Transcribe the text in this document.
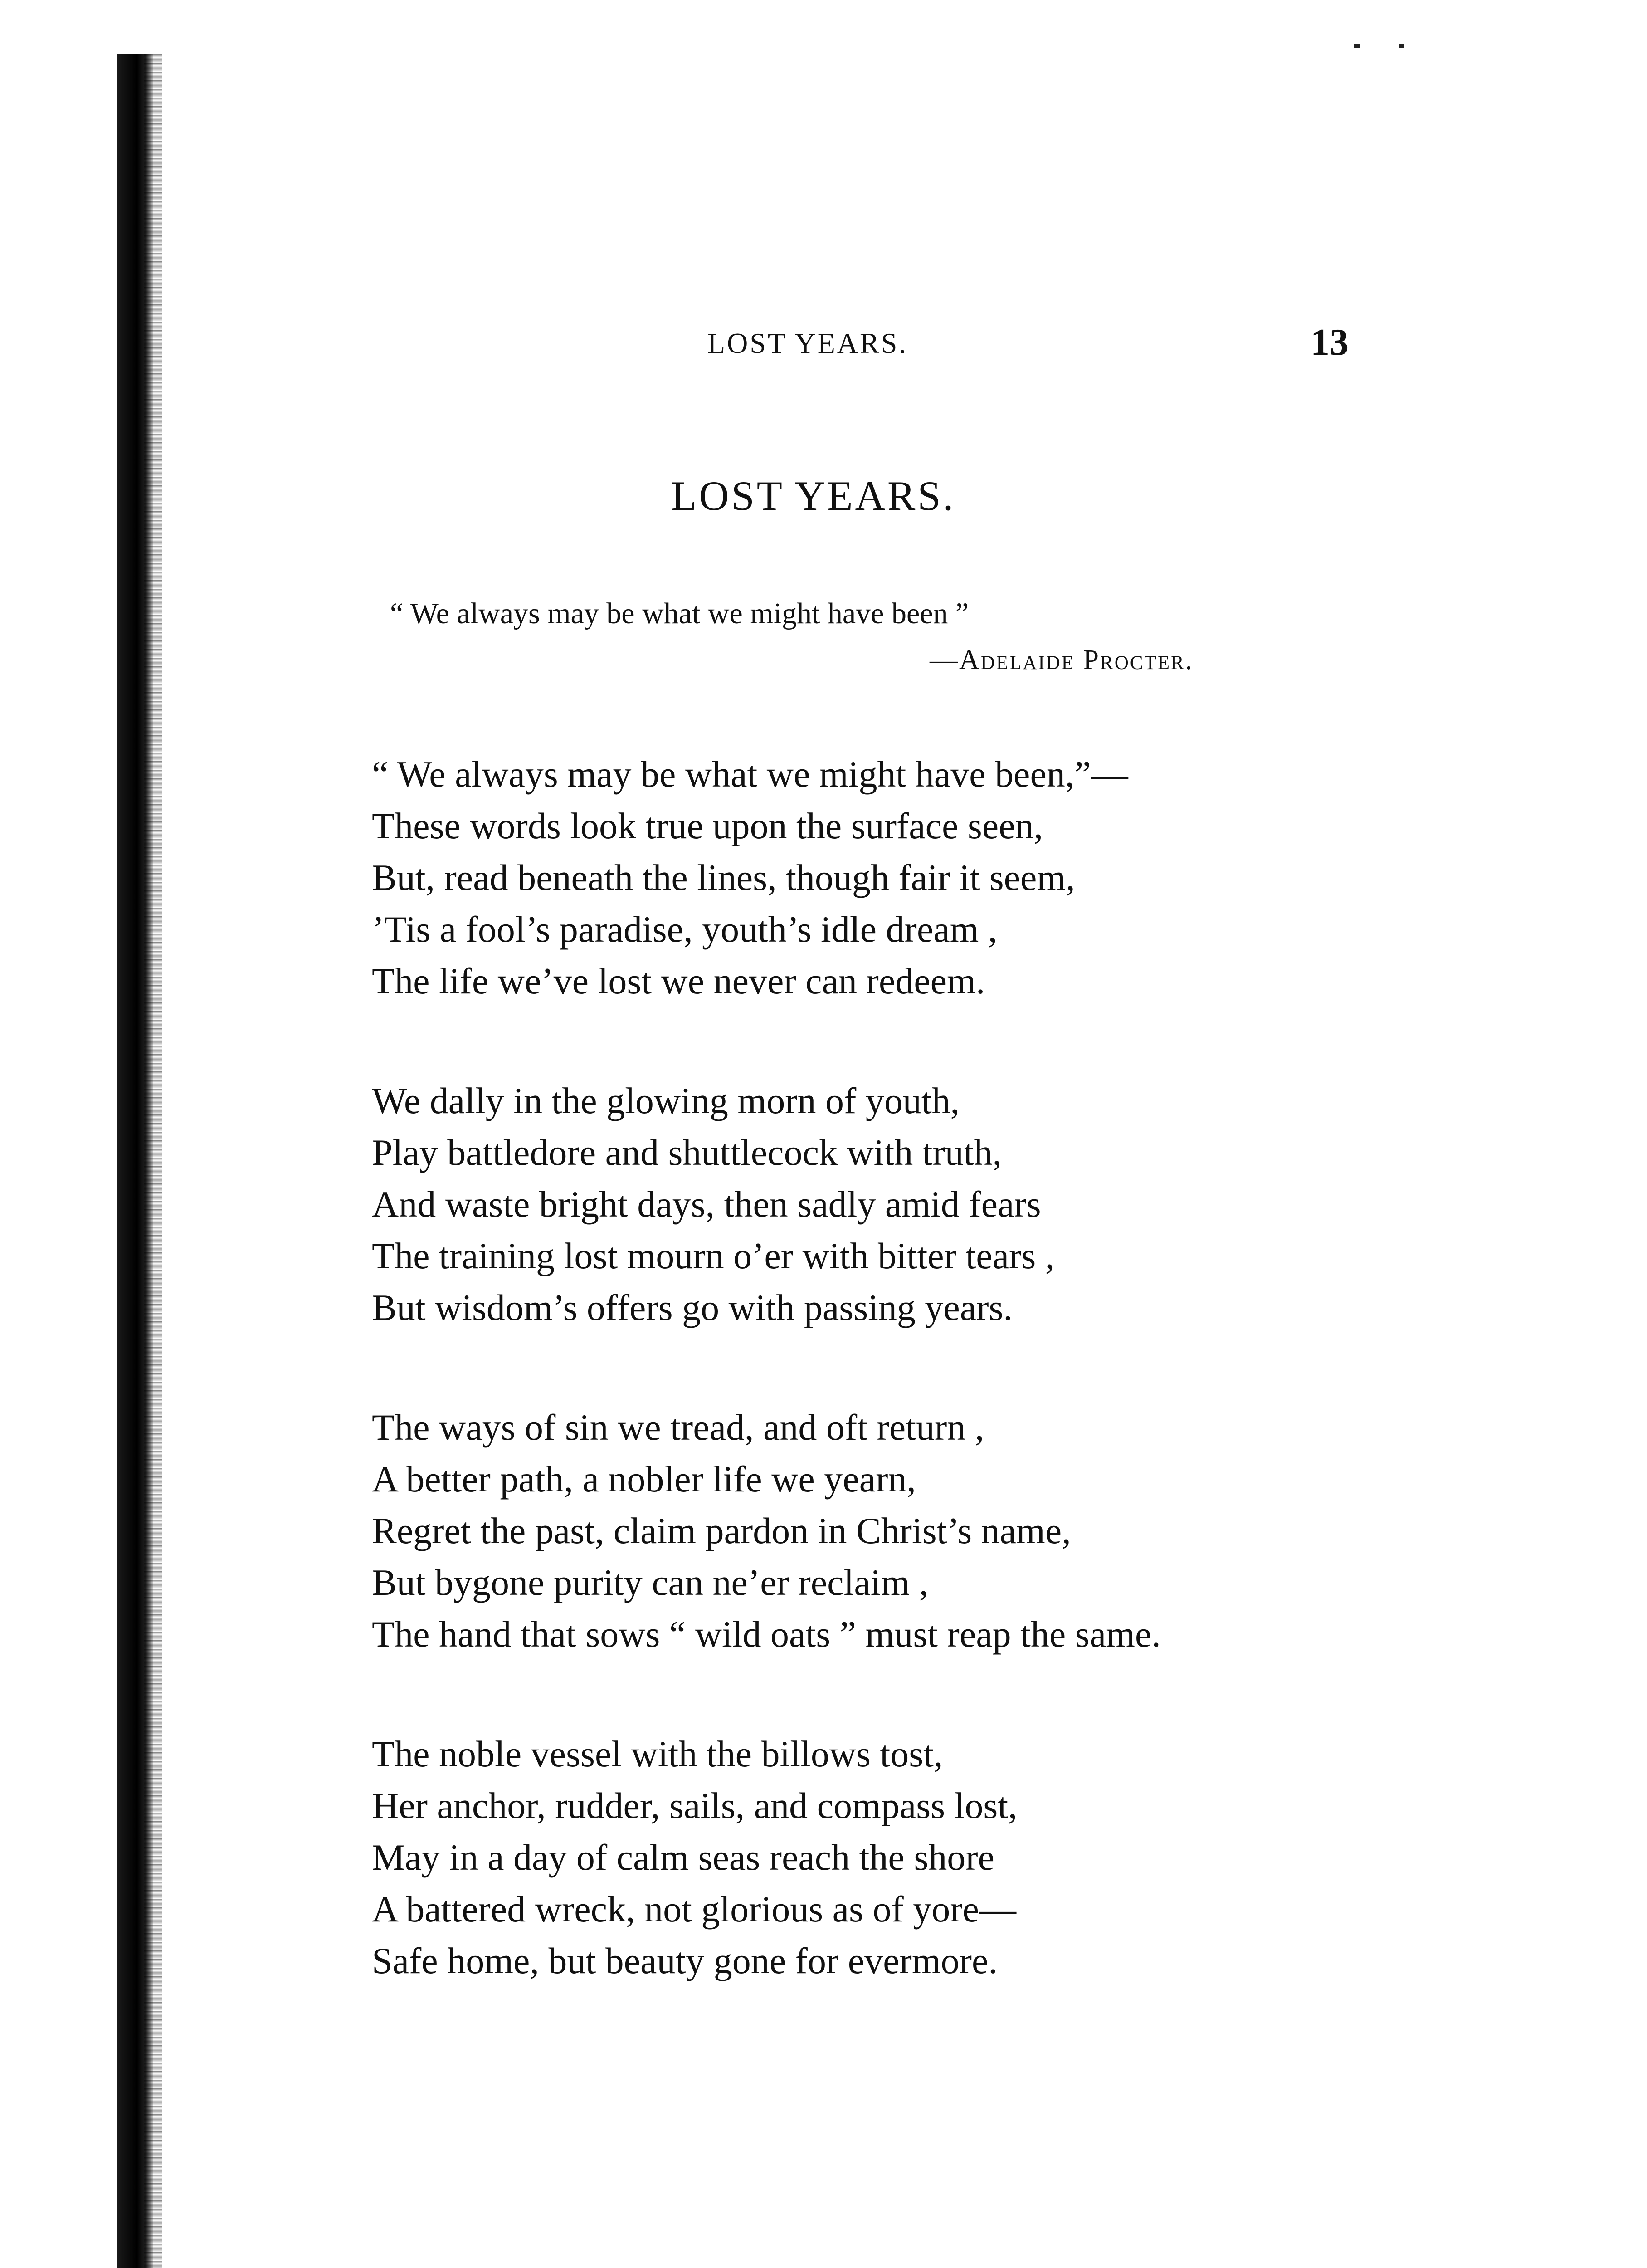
LOST YEARS.	13
LOST YEARS.
“ We always may be what we might have been ”
—Adelaide Procter.
“ We always may be what we might have been,”—
These words look true upon the surface seen,
But, read beneath the lines, though fair it seem,
’Tis a fool’s paradise, youth’s idle dream ,
The life we’ve lost we never can redeem.
We dally in the glowing morn of youth,
Play battledore and shuttlecock with truth,
And waste bright days, then sadly amid fears
The training lost mourn o’er with bitter tears ,
But wisdom’s offers go with passing years.
The ways of sin we tread, and oft return ,
A better path, a nobler life we yearn,
Regret the past, claim pardon in Christ’s name,
But bygone purity can ne’er reclaim ,
The hand that sows “ wild oats ” must reap the same.
The noble vessel with the billows tost,
Her anchor, rudder, sails, and compass lost,
May in a day of calm seas reach the shore
A battered wreck, not glorious as of yore—
Safe home, but beauty gone for evermore.
